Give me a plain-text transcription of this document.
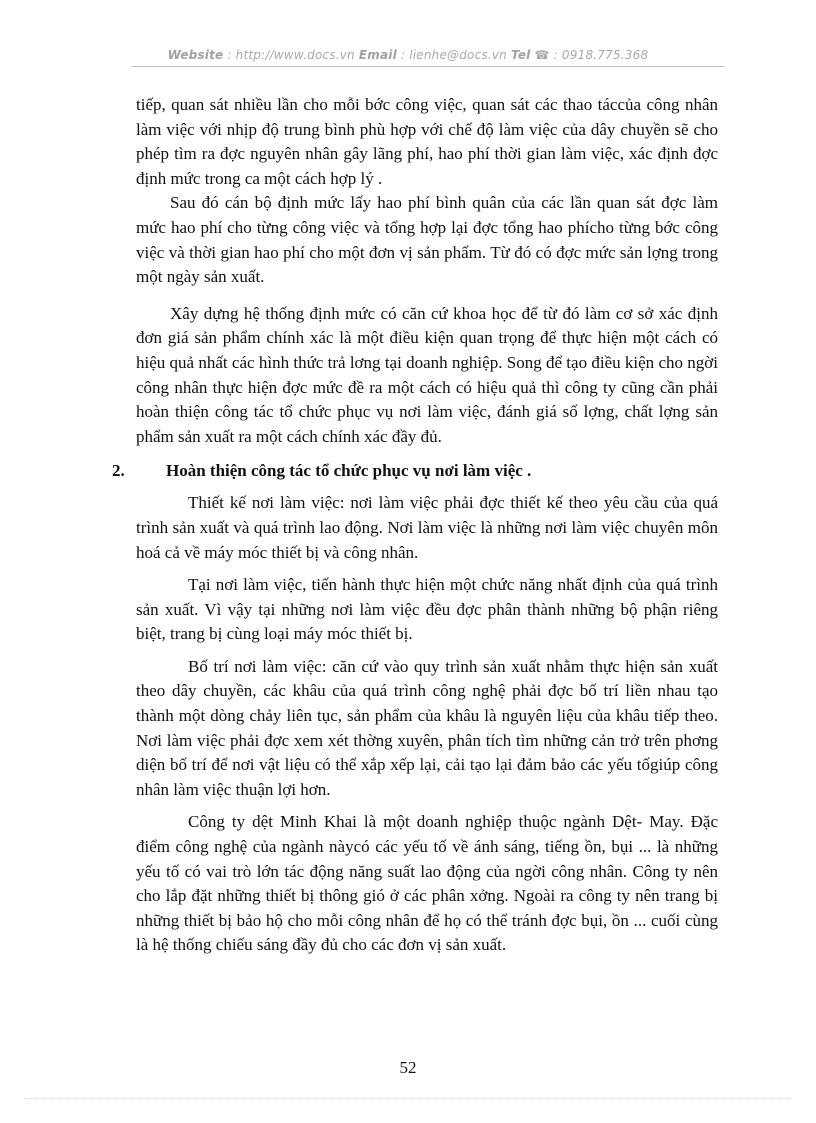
Website : http://www.docs.vn Email : lienhe@docs.vn Tel ☎ : 0918.775.368

tiếp, quan sát nhiều lần cho mỗi bớc công việc, quan sát các thao táccủa công nhân làm việc với nhịp độ trung bình phù hợp với chế độ làm việc của dây chuyền sẽ cho phép tìm ra đợc nguyên nhân gây lãng phí, hao phí thời gian làm việc, xác định đợc định mức trong ca một cách hợp lý .

Sau đó cán bộ định mức lấy hao phí bình quân của các lần quan sát đợc làm mức hao phí cho từng công việc và tổng hợp lại đợc tổng hao phícho từng bớc công việc và thời gian hao phí cho một đơn vị sản phẩm. Từ đó có đợc mức sản lợng trong một ngày sản xuất.

Xây dựng hệ thống định mức có căn cứ khoa học để từ đó làm cơ sở xác định đơn giá sản phẩm chính xác là một điều kiện quan trọng để thực hiện một cách có hiệu quả nhất các hình thức trả lơng tại doanh nghiệp. Song để tạo điều kiện cho ngời công nhân thực hiện đợc mức đề ra một cách có hiệu quả thì công ty cũng cần phải hoàn thiện công tác tổ chức phục vụ nơi làm việc, đánh giá số lợng, chất lợng sản phẩm sản xuất ra một cách chính xác đầy đủ.

2. Hoàn thiện công tác tổ chức phục vụ nơi làm việc .

Thiết kế nơi làm việc: nơi làm việc phải đợc thiết kế theo yêu cầu của quá trình sản xuất và quá trình lao động. Nơi làm việc là những nơi làm việc chuyên môn hoá cả về máy móc thiết bị và công nhân.

Tại nơi làm việc, tiến hành thực hiện một chức năng nhất định của quá trình sản xuất. Vì vậy tại những nơi làm việc đều đợc phân thành những bộ phận riêng biệt, trang bị cùng loại máy móc thiết bị.

Bố trí nơi làm việc: căn cứ vào quy trình sản xuất nhằm thực hiện sản xuất theo dây chuyền, các khâu của quá trình công nghệ phải đợc bố trí liền nhau tạo thành một dòng chảy liên tục, sản phẩm của khâu là nguyên liệu của khâu tiếp theo. Nơi làm việc phải đợc xem xét thờng xuyên, phân tích tìm những cản trở trên phơng diện bố trí để nơi vật liệu có thể xắp xếp lại, cải tạo lại đảm bảo các yếu tốgiúp công nhân làm việc thuận lợi hơn.

Công ty dệt Minh Khai là một doanh nghiệp thuộc ngành Dệt- May. Đặc điểm công nghệ của ngành nàycó các yếu tố về ánh sáng, tiếng ồn, bụi ... là những yếu tố có vai trò lớn tác động năng suất lao động của ngời công nhân. Công ty nên cho lắp đặt những thiết bị thông gió ở các phân xởng. Ngoài ra công ty nên trang bị những thiết bị bảo hộ cho mỗi công nhân để họ có thể tránh đợc bụi, ồn ... cuối cùng là hệ thống chiếu sáng đầy đủ cho các đơn vị sản xuất.

52
